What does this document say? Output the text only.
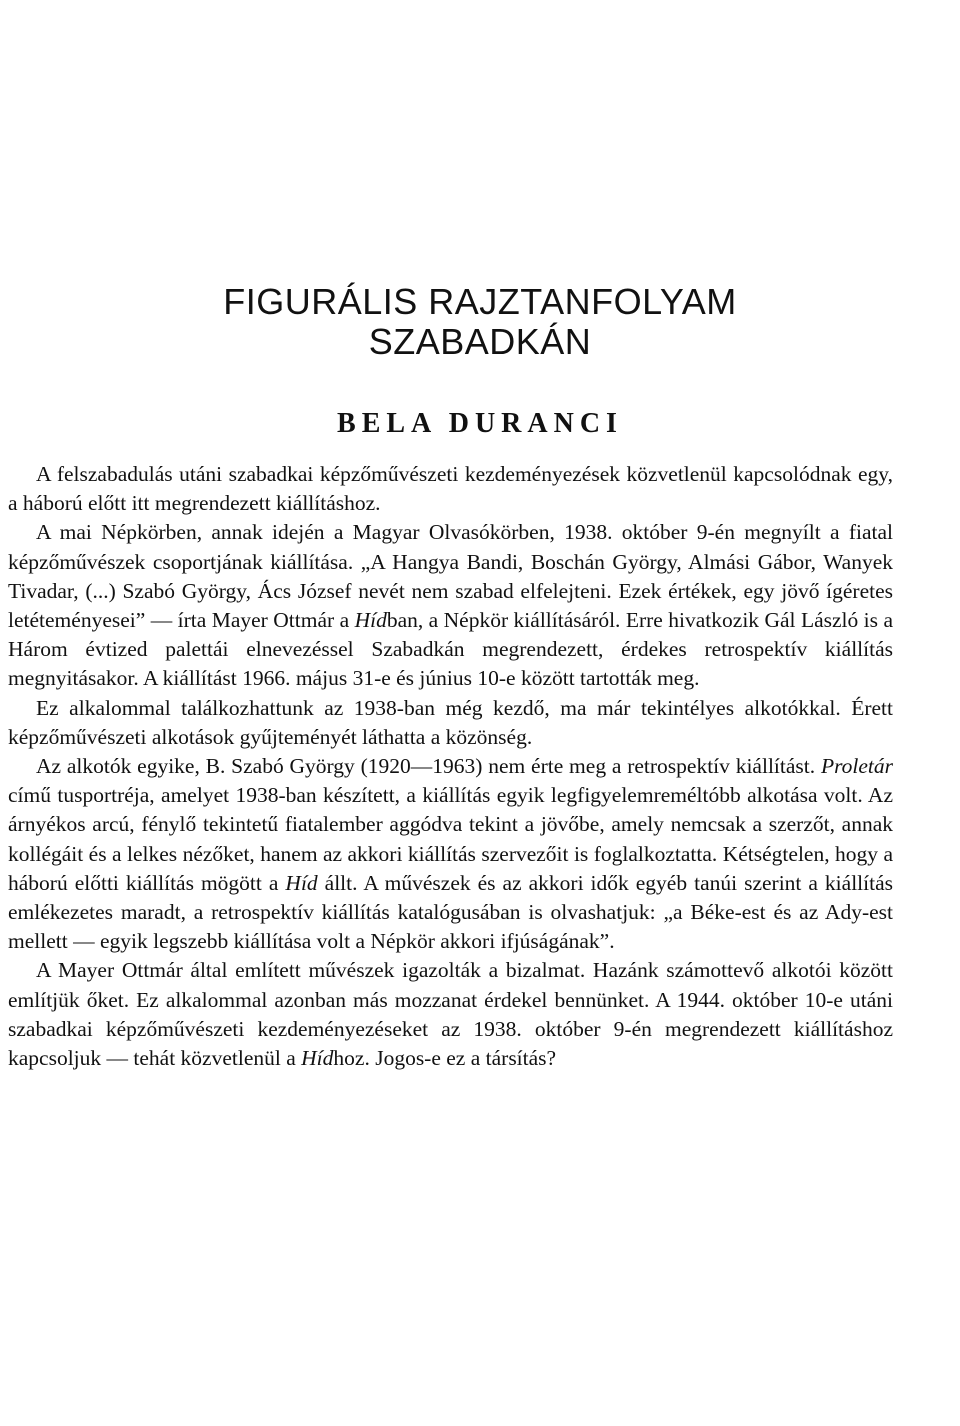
FIGURÁLIS RAJZTANFOLYAM
SZABADKÁN
BELA DURANCI

A felszabadulás utáni szabadkai képzőművészeti kezdeményezések közvetlenül kapcsolódnak egy, a háború előtt itt megrendezett kiállításhoz.

A mai Népkörben, annak idején a Magyar Olvasókörben, 1938. október 9-én megnyílt a fiatal képzőművészek csoportjának kiállítása. „A Hangya Bandi, Boschán György, Almási Gábor, Wanyek Tivadar, (...) Szabó György, Ács József nevét nem szabad elfelejteni. Ezek értékek, egy jövő ígéretes letéteményesei” — írta Mayer Ottmár a Hídban, a Népkör kiállításáról. Erre hivatkozik Gál László is a Három évtized palettái elnevezéssel Szabadkán megrendezett, érdekes retrospektív kiállítás megnyitásakor. A kiállítást 1966. május 31-e és június 10-e között tartották meg.

Ez alkalommal találkozhattunk az 1938-ban még kezdő, ma már tekintélyes alkotókkal. Érett képzőművészeti alkotások gyűjteményét láthatta a közönség.

Az alkotók egyike, B. Szabó György (1920—1963) nem érte meg a retrospektív kiállítást. Proletár című tusportréja, amelyet 1938-ban készített, a kiállítás egyik legfigyelemreméltóbb alkotása volt. Az árnyékos arcú, fénylő tekintetű fiatalember aggódva tekint a jövőbe, amely nemcsak a szerzőt, annak kollégáit és a lelkes nézőket, hanem az akkori kiállítás szervezőit is foglalkoztatta. Kétségtelen, hogy a háború előtti kiállítás mögött a Híd állt. A művészek és az akkori idők egyéb tanúi szerint a kiállítás emlékezetes maradt, a retrospektív kiállítás katalógusában is olvashatjuk: „a Béke-est és az Ady-est mellett — egyik legszebb kiállítása volt a Népkör akkori ifjúságának”.

A Mayer Ottmár által említett művészek igazolták a bizalmat. Hazánk számottevő alkotói között említjük őket. Ez alkalommal azonban más mozzanat érdekel bennünket. A 1944. október 10-e utáni szabadkai képzőművészeti kezdeményezéseket az 1938. október 9-én megrendezett kiállításhoz kapcsoljuk — tehát közvetlenül a Hídhoz. Jogos-e ez a társítás?
